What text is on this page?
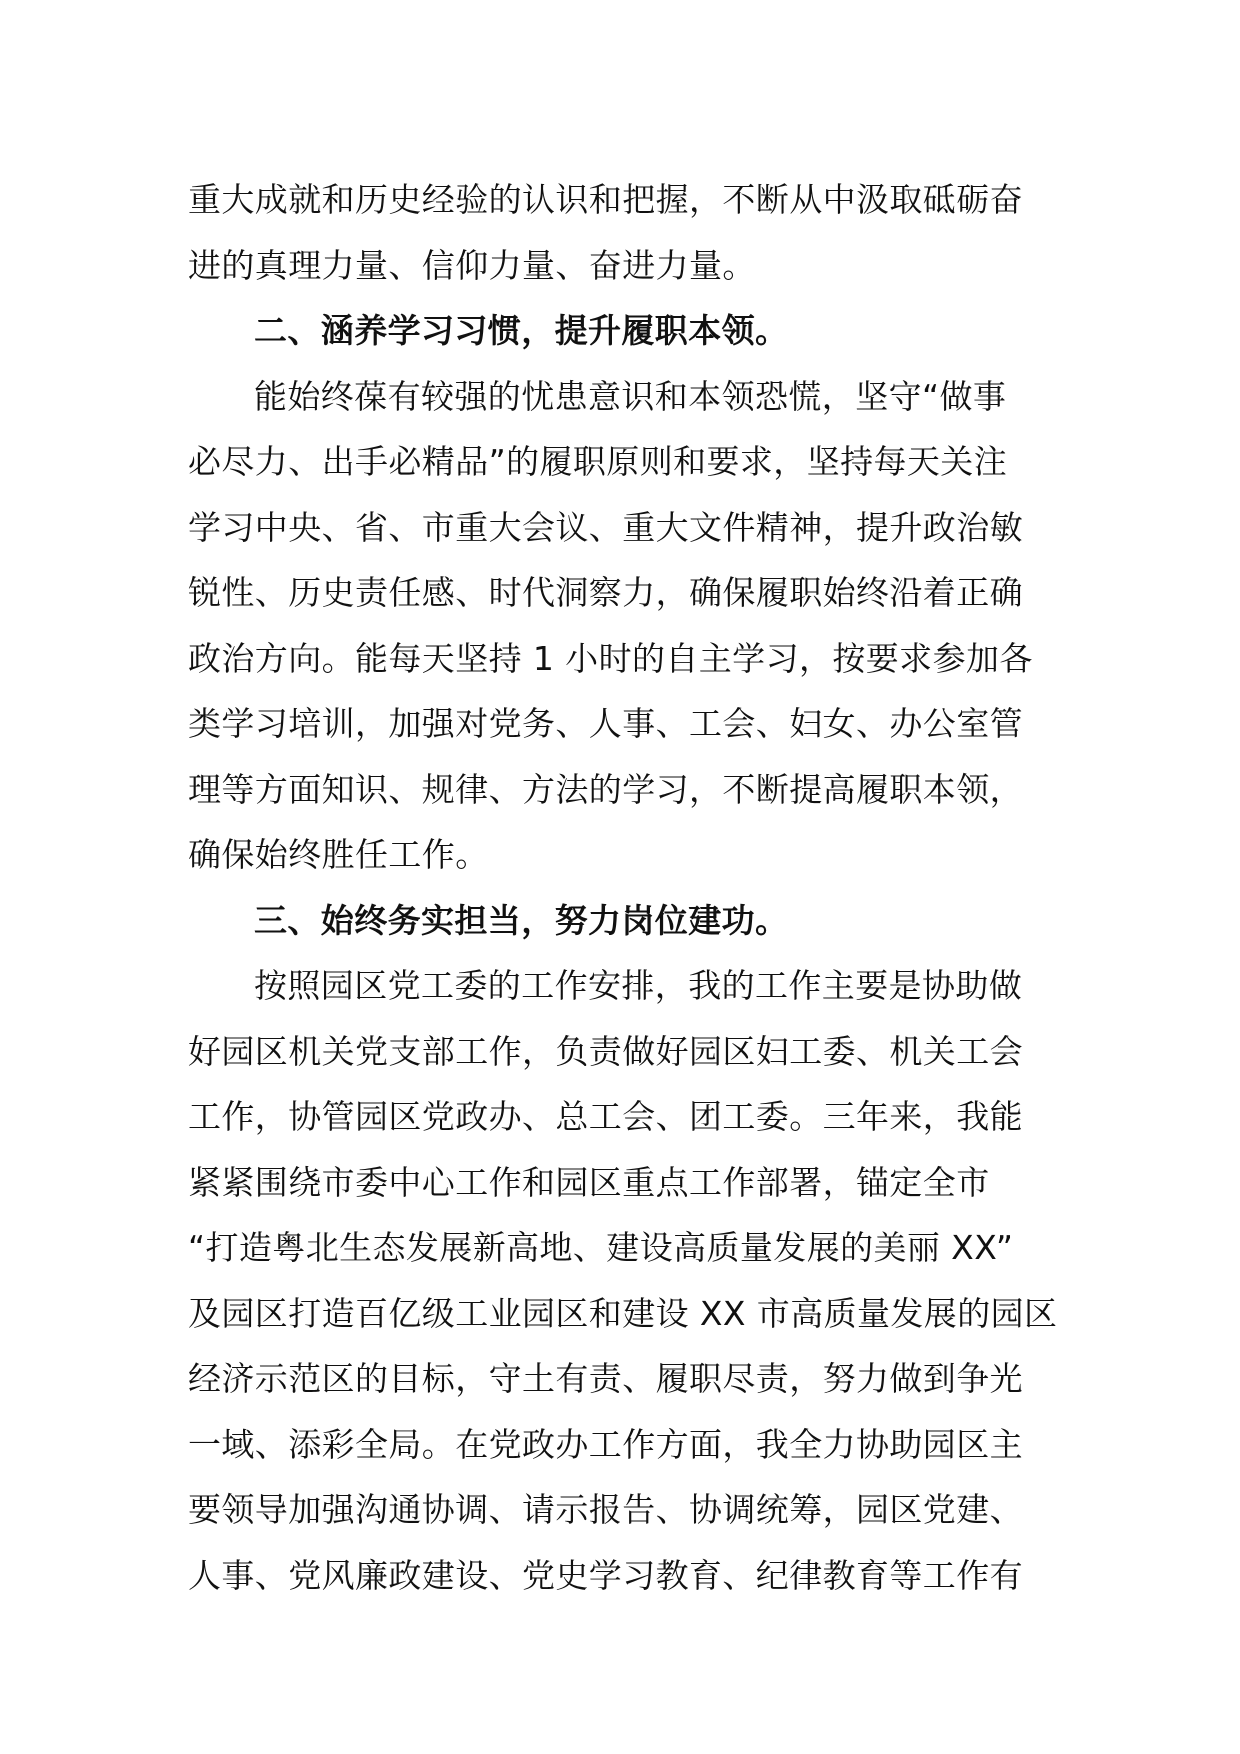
重大成就和历史经验的认识和把握，不断从中汲取砥砺奋
进的真理力量、信仰力量、奋进力量。
二、涵养学习习惯，提升履职本领。
能始终葆有较强的忧患意识和本领恐慌，坚守“做事
必尽力、出手必精品”的履职原则和要求，坚持每天关注
学习中央、省、市重大会议、重大文件精神，提升政治敏
锐性、历史责任感、时代洞察力，确保履职始终沿着正确
政治方向。能每天坚持 1 小时的自主学习，按要求参加各
类学习培训，加强对党务、人事、工会、妇女、办公室管
理等方面知识、规律、方法的学习，不断提高履职本领，
确保始终胜任工作。
三、始终务实担当，努力岗位建功。
按照园区党工委的工作安排，我的工作主要是协助做
好园区机关党支部工作，负责做好园区妇工委、机关工会
工作，协管园区党政办、总工会、团工委。三年来，我能
紧紧围绕市委中心工作和园区重点工作部署，锚定全市
“打造粤北生态发展新高地、建设高质量发展的美丽 XX”
及园区打造百亿级工业园区和建设 XX 市高质量发展的园区
经济示范区的目标，守土有责、履职尽责，努力做到争光
一域、添彩全局。在党政办工作方面，我全力协助园区主
要领导加强沟通协调、请示报告、协调统筹，园区党建、
人事、党风廉政建设、党史学习教育、纪律教育等工作有
